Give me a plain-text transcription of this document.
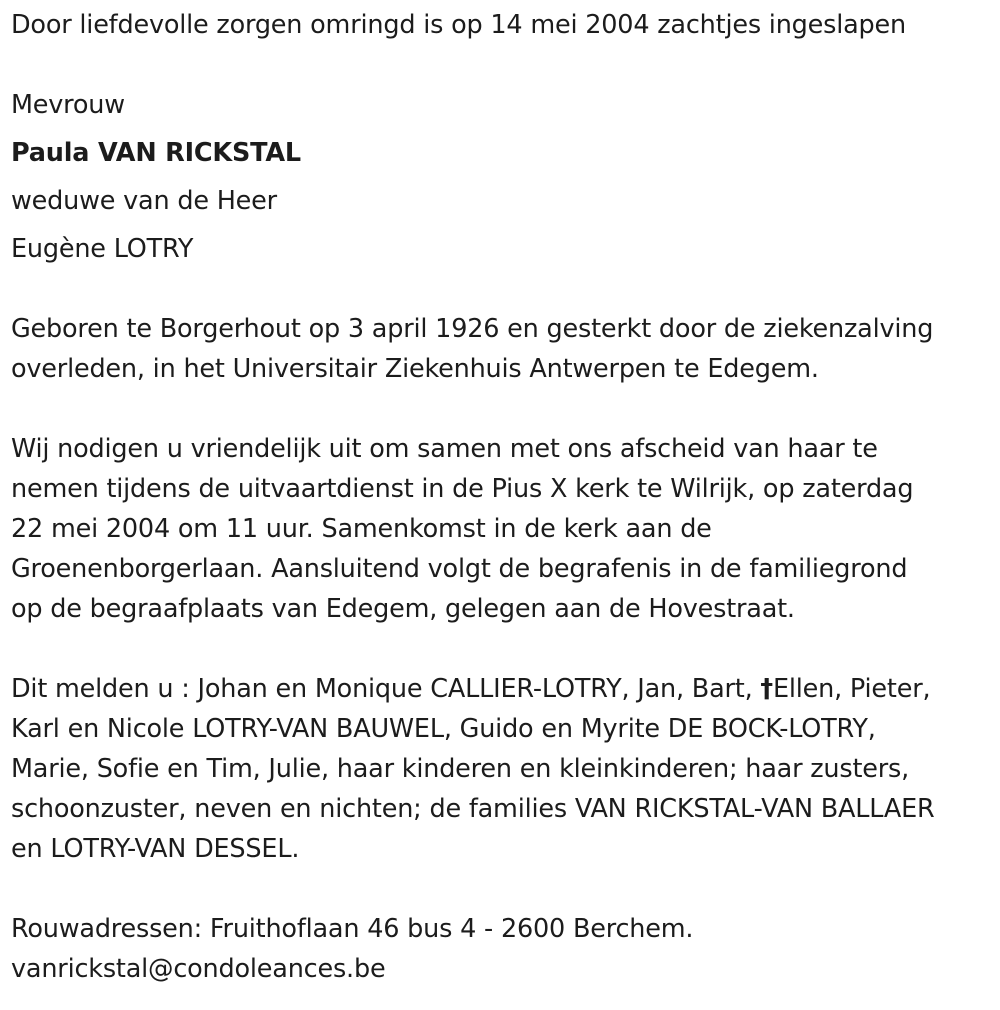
Door liefdevolle zorgen omringd is op 14 mei 2004 zachtjes ingeslapen
Mevrouw
Paula VAN RICKSTAL
weduwe van de Heer
Eugène LOTRY
Geboren te Borgerhout op 3 april 1926 en gesterkt door de ziekenzalving
overleden, in het Universitair Ziekenhuis Antwerpen te Edegem.
Wij nodigen u vriendelijk uit om samen met ons afscheid van haar te
nemen tijdens de uitvaartdienst in de Pius X kerk te Wilrijk, op zaterdag
22 mei 2004 om 11 uur. Samenkomst in de kerk aan de
Groenenborgerlaan. Aansluitend volgt de begrafenis in de familiegrond
op de begraafplaats van Edegem, gelegen aan de Hovestraat.
Dit melden u : Johan en Monique CALLIER-LOTRY, Jan, Bart, †Ellen, Pieter,
Karl en Nicole LOTRY-VAN BAUWEL, Guido en Myrite DE BOCK-LOTRY,
Marie, Sofie en Tim, Julie, haar kinderen en kleinkinderen; haar zusters,
schoonzuster, neven en nichten; de families VAN RICKSTAL-VAN BALLAER
en LOTRY-VAN DESSEL.
Rouwadressen: Fruithoflaan 46 bus 4 - 2600 Berchem.
vanrickstal@condoleances.be
